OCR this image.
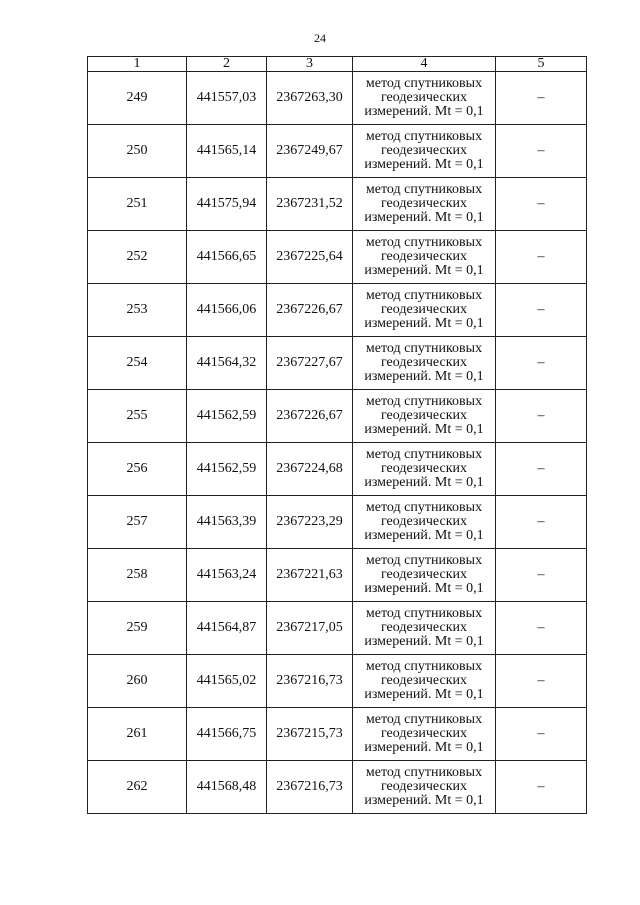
24
1	2	3	4	5
249	441557,03	2367263,30	метод спутниковых
геодезических
измерений. Mt = 0,1	–
250	441565,14	2367249,67	метод спутниковых
геодезических
измерений. Mt = 0,1	–
251	441575,94	2367231,52	метод спутниковых
геодезических
измерений. Mt = 0,1	–
252	441566,65	2367225,64	метод спутниковых
геодезических
измерений. Mt = 0,1	–
253	441566,06	2367226,67	метод спутниковых
геодезических
измерений. Mt = 0,1	–
254	441564,32	2367227,67	метод спутниковых
геодезических
измерений. Mt = 0,1	–
255	441562,59	2367226,67	метод спутниковых
геодезических
измерений. Mt = 0,1	–
256	441562,59	2367224,68	метод спутниковых
геодезических
измерений. Mt = 0,1	–
257	441563,39	2367223,29	метод спутниковых
геодезических
измерений. Mt = 0,1	–
258	441563,24	2367221,63	метод спутниковых
геодезических
измерений. Mt = 0,1	–
259	441564,87	2367217,05	метод спутниковых
геодезических
измерений. Mt = 0,1	–
260	441565,02	2367216,73	метод спутниковых
геодезических
измерений. Mt = 0,1	–
261	441566,75	2367215,73	метод спутниковых
геодезических
измерений. Mt = 0,1	–
262	441568,48	2367216,73	метод спутниковых
геодезических
измерений. Mt = 0,1	–
